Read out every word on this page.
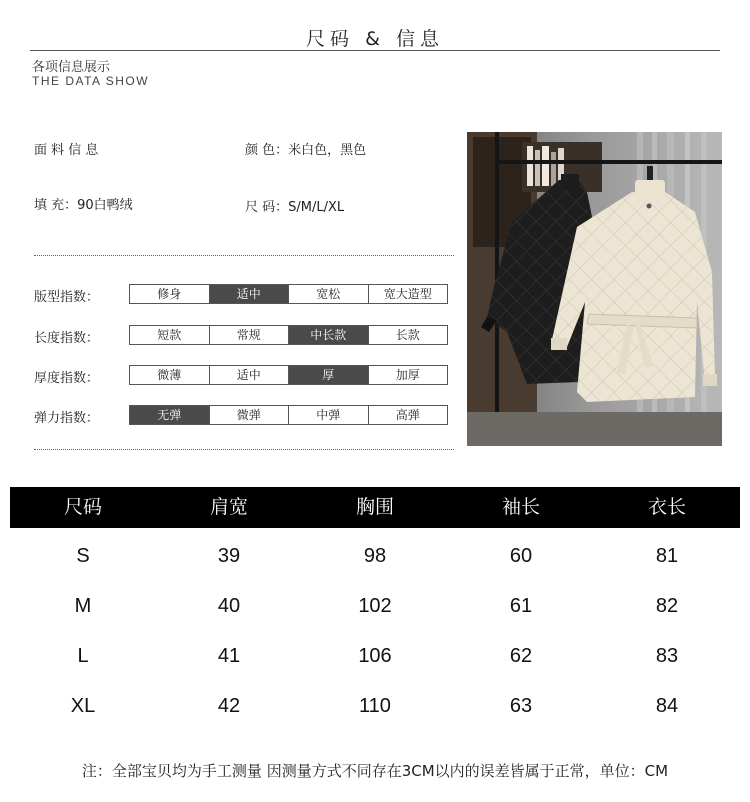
尺码 & 信息
各项信息展示
THE DATA SHOW
面 料 信 息	颜 色：米白色，黑色
填 充：90白鸭绒	尺 码：S/M/L/XL
版型指数：	修身	适中	宽松	宽大造型
长度指数：	短款	常规	中长款	长款
厚度指数：	微薄	适中	厚	加厚
弹力指数：	无弹	微弹	中弹	高弹
尺码	肩宽	胸围	袖长	衣长
S	39	98	60	81
M	40	102	61	82
L	41	106	62	83
XL	42	110	63	84
注：全部宝贝均为手工测量 因测量方式不同存在3CM以内的误差皆属于正常，单位：CM
